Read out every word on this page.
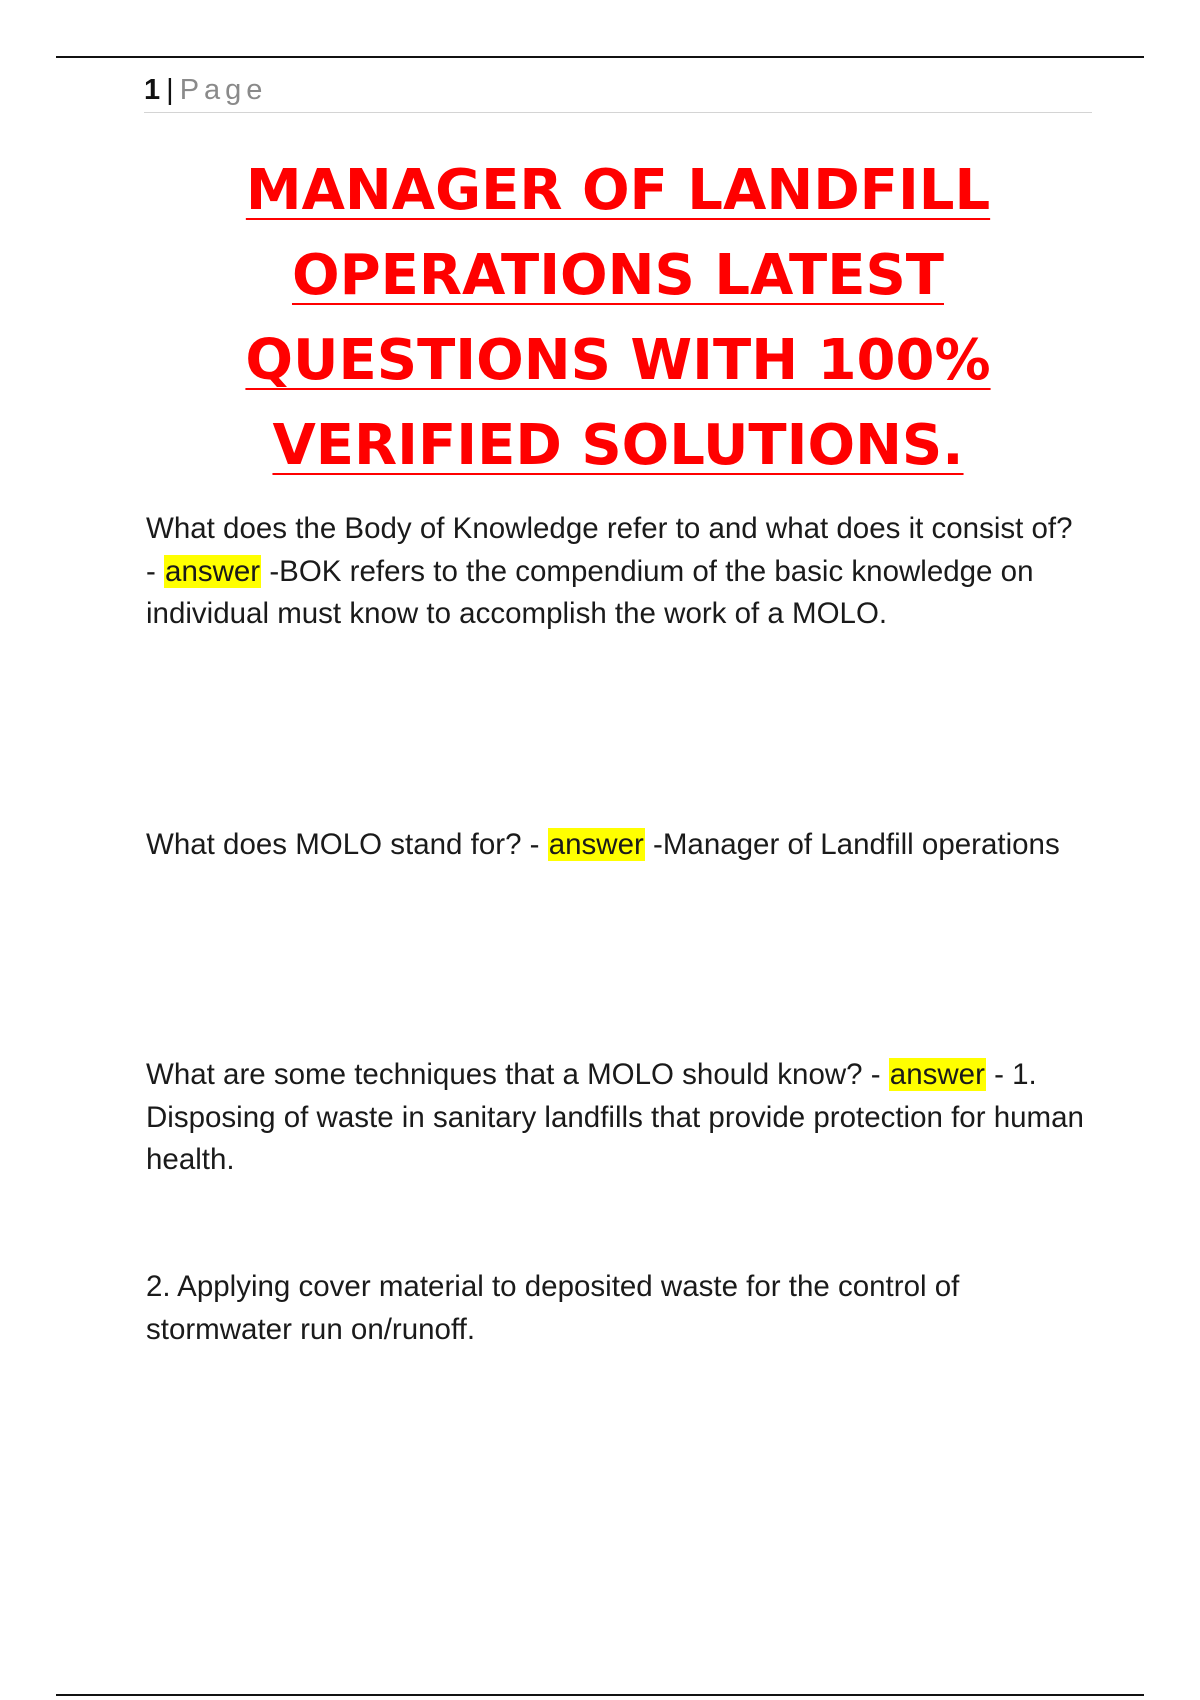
1 | Page
MANAGER OF LANDFILL
OPERATIONS LATEST
QUESTIONS WITH 100%
VERIFIED SOLUTIONS.
What does the Body of Knowledge refer to and what does it consist of? - answer -BOK refers to the compendium of the basic knowledge on individual must know to accomplish the work of a MOLO.
What does MOLO stand for? - answer -Manager of Landfill operations
What are some techniques that a MOLO should know? - answer - 1. Disposing of waste in sanitary landfills that provide protection for human health.
2. Applying cover material to deposited waste for the control of stormwater run on/runoff.
